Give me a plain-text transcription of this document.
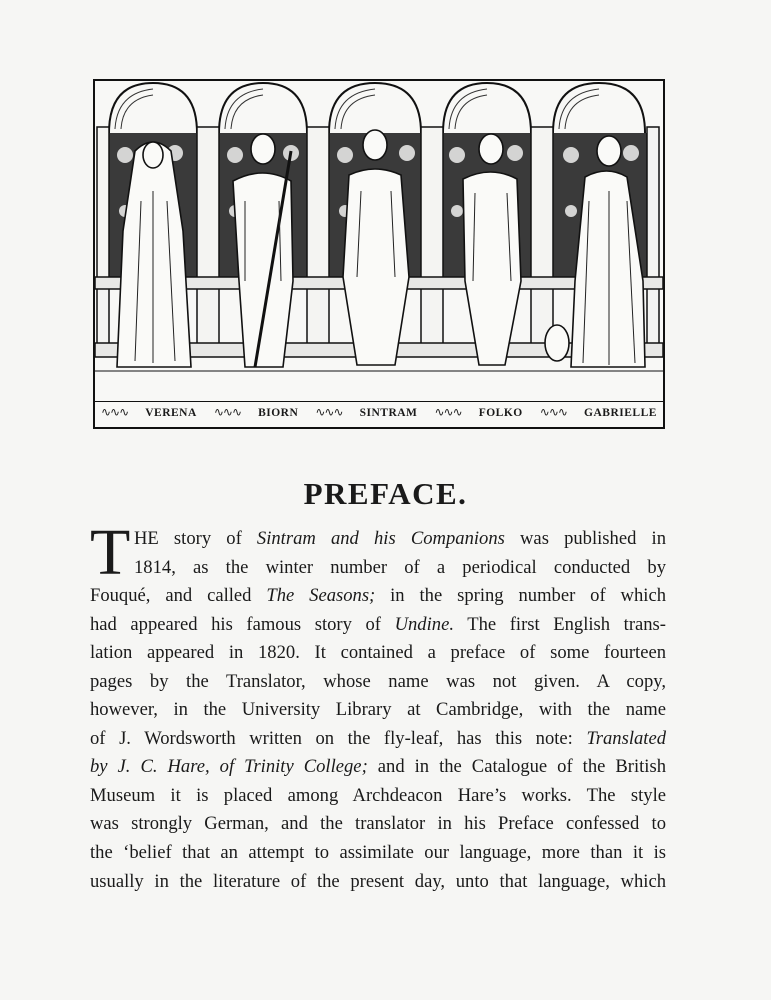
∿∿∿ VERENA ∿∿∿ BIORN ∿∿∿ SINTRAM ∿∿∿ FOLKO ∿∿∿ GABRIELLE
PREFACE.
T HE story of Sintram and his Companions was published in
1814, as the winter number of a periodical conducted by
Fouqué, and called The Seasons; in the spring number of which
had appeared his famous story of Undine. The first English trans-
lation appeared in 1820. It contained a preface of some fourteen
pages by the Translator, whose name was not given. A copy,
however, in the University Library at Cambridge, with the name
of J. Wordsworth written on the fly-leaf, has this note: Translated
by J. C. Hare, of Trinity College; and in the Catalogue of the British
Museum it is placed among Archdeacon Hare’s works. The style
was strongly German, and the translator in his Preface confessed to
the ‘belief that an attempt to assimilate our language, more than it is
usually in the literature of the present day, unto that language, which
